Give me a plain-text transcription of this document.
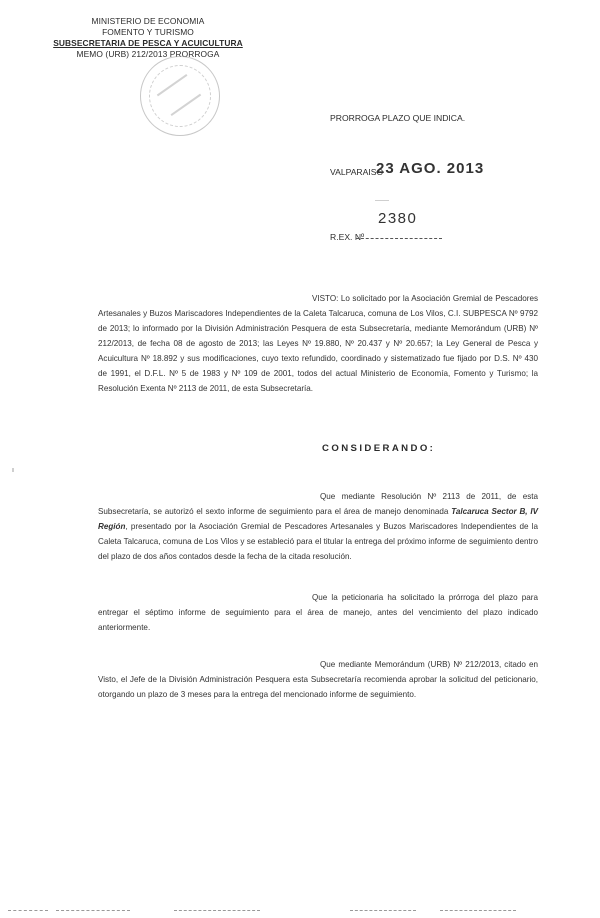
MINISTERIO DE ECONOMIA
FOMENTO Y TURISMO
SUBSECRETARIA DE PESCA Y ACUICULTURA
MEMO (URB) 212/2013 PRORROGA
PRORROGA PLAZO QUE INDICA.
VALPARAISO
23 AGO. 2013
R.EX. Nº
2380
VISTO: Lo solicitado por la Asociación Gremial de Pescadores Artesanales y Buzos Mariscadores Independientes de la Caleta Talcaruca, comuna de Los Vilos, C.I. SUBPESCA Nº 9792 de 2013; lo informado por la División Administración Pesquera de esta Subsecretaría, mediante Memorándum (URB) Nº 212/2013, de fecha 08 de agosto de 2013; las Leyes Nº 19.880, Nº 20.437 y Nº 20.657; la Ley General de Pesca y Acuicultura Nº 18.892 y sus modificaciones, cuyo texto refundido, coordinado y sistematizado fue fijado por D.S. Nº 430 de 1991, el D.F.L. Nº 5 de 1983 y Nº 109 de 2001, todos del actual Ministerio de Economía, Fomento y Turismo; la Resolución Exenta Nº 2113 de 2011, de esta Subsecretaría.
CONSIDERANDO:
Que mediante Resolución Nº 2113 de 2011, de esta Subsecretaría, se autorizó el sexto informe de seguimiento para el área de manejo denominada Talcaruca Sector B, IV Región, presentado por la Asociación Gremial de Pescadores Artesanales y Buzos Mariscadores Independientes de la Caleta Talcaruca, comuna de Los Vilos y se estableció para el titular la entrega del próximo informe de seguimiento dentro del plazo de dos años contados desde la fecha de la citada resolución.
Que la peticionaria ha solicitado la prórroga del plazo para entregar el séptimo informe de seguimiento para el área de manejo, antes del vencimiento del plazo indicado anteriormente.
Que mediante Memorándum (URB) Nº 212/2013, citado en Visto, el Jefe de la División Administración Pesquera esta Subsecretaría recomienda aprobar la solicitud del peticionario, otorgando un plazo de 3 meses para la entrega del mencionado informe de seguimiento.
